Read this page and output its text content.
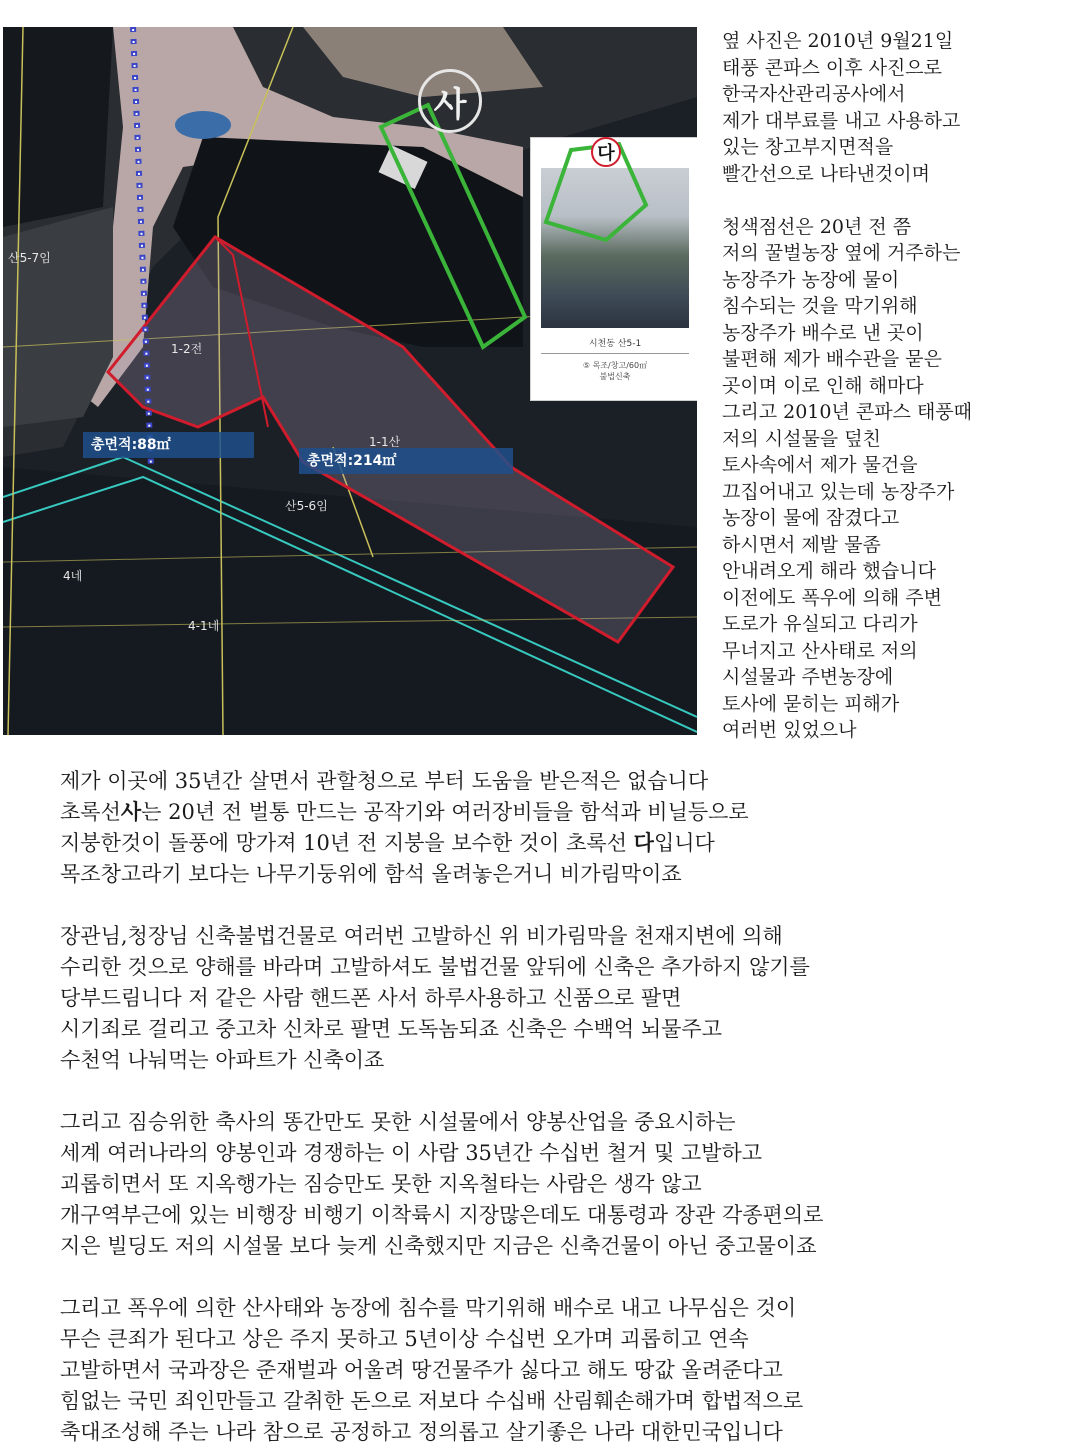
사
시천동 산5-1
⑤ 목조/창고/60㎡
불법신축
다
총면적:88㎡
총면적:214㎡
산5-7임
1-2전
1-1산
산5-6임
4네
4-1네
옆 사진은 2010년 9월21일
태풍 콘파스 이후 사진으로
한국자산관리공사에서
제가 대부료를 내고 사용하고
있는 창고부지면적을
빨간선으로 나타낸것이며
청색점선은 20년 전 쯤
저의 꿀벌농장 옆에 거주하는
농장주가 농장에 물이
침수되는 것을 막기위해
농장주가 배수로 낸 곳이
불편해 제가 배수관을 묻은
곳이며 이로 인해 해마다
그리고 2010년 콘파스 태풍때
저의 시설물을 덮친
토사속에서 제가 물건을
끄집어내고 있는데 농장주가
농장이 물에 잠겼다고
하시면서 제발 물좀
안내려오게 해라 했습니다
이전에도 폭우에 의해 주변
도로가 유실되고 다리가
무너지고 산사태로 저의
시설물과 주변농장에
토사에 묻히는 피해가
여러번 있었으나
제가 이곳에 35년간 살면서 관할청으로 부터 도움을 받은적은 없습니다
초록선사는 20년 전 벌통 만드는 공작기와 여러장비들을 함석과 비닐등으로
지붕한것이 돌풍에 망가져 10년 전 지붕을 보수한 것이 초록선 다입니다
목조창고라기 보다는 나무기둥위에 함석 올려놓은거니 비가림막이죠
장관님,청장님 신축불법건물로 여러번 고발하신 위 비가림막을 천재지변에 의해
수리한 것으로 양해를 바라며 고발하셔도 불법건물 앞뒤에 신축은 추가하지 않기를
당부드림니다 저 같은 사람 핸드폰 사서 하루사용하고 신품으로 팔면
시기죄로 걸리고 중고차 신차로 팔면 도독놈되죠 신축은 수백억 뇌물주고
수천억 나눠먹는 아파트가 신축이죠
그리고 짐승위한 축사의 똥간만도 못한 시설물에서 양봉산업을 중요시하는
세계 여러나라의 양봉인과 경쟁하는 이 사람 35년간 수십번 철거 및 고발하고
괴롭히면서 또 지옥행가는 짐승만도 못한 지옥철타는 사람은 생각 않고
개구역부근에 있는 비행장 비행기 이착륙시 지장많은데도 대통령과 장관 각종편의로
지은 빌딩도 저의 시설물 보다 늦게 신축했지만 지금은 신축건물이 아닌 중고물이죠
그리고 폭우에 의한 산사태와 농장에 침수를 막기위해 배수로 내고 나무심은 것이
무슨 큰죄가 된다고 상은 주지 못하고 5년이상 수십번 오가며 괴롭히고 연속
고발하면서 국과장은 준재벌과 어울려 땅건물주가 싫다고 해도 땅값 올려준다고
힘없는 국민 죄인만들고 갈취한 돈으로 저보다 수십배 산림훼손해가며 합법적으로
축대조성해 주는 나라 참으로 공정하고 정의롭고 살기좋은 나라 대한민국입니다
